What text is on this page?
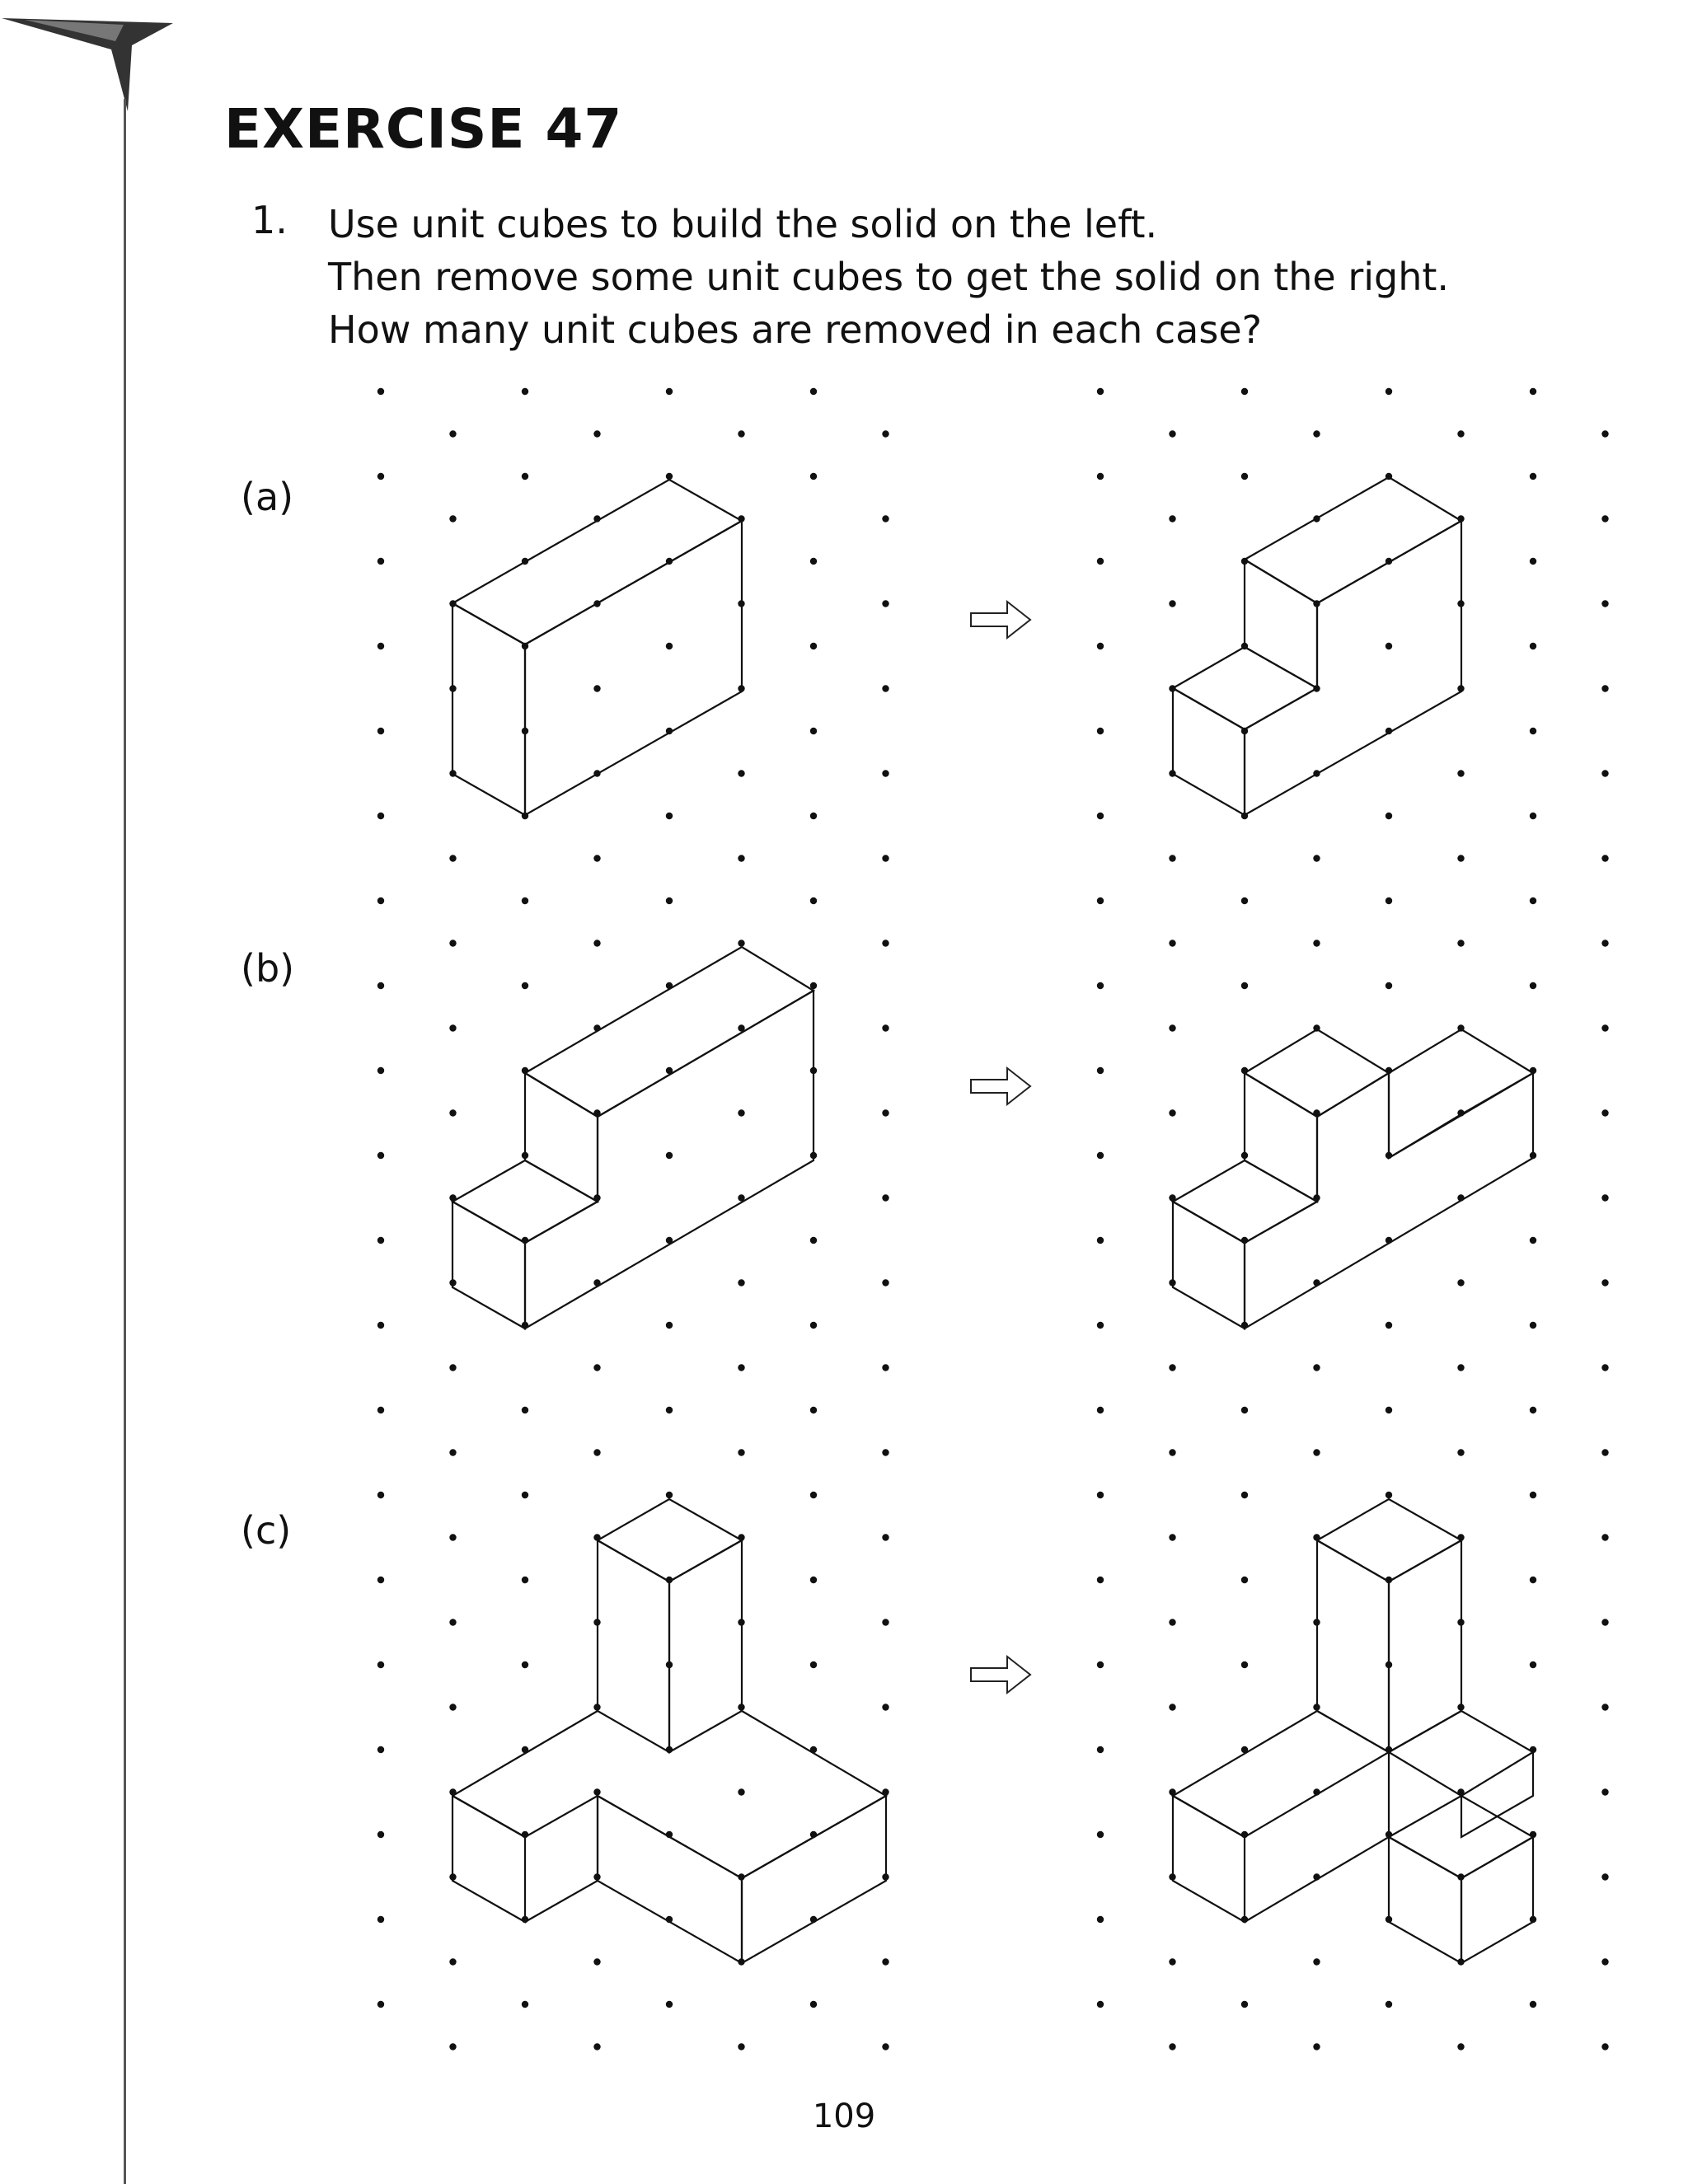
EXERCISE 47
1. Use unit cubes to build the solid on the left.
Then remove some unit cubes to get the solid on the right.
How many unit cubes are removed in each case?
(a)
(b)
(c)
109
